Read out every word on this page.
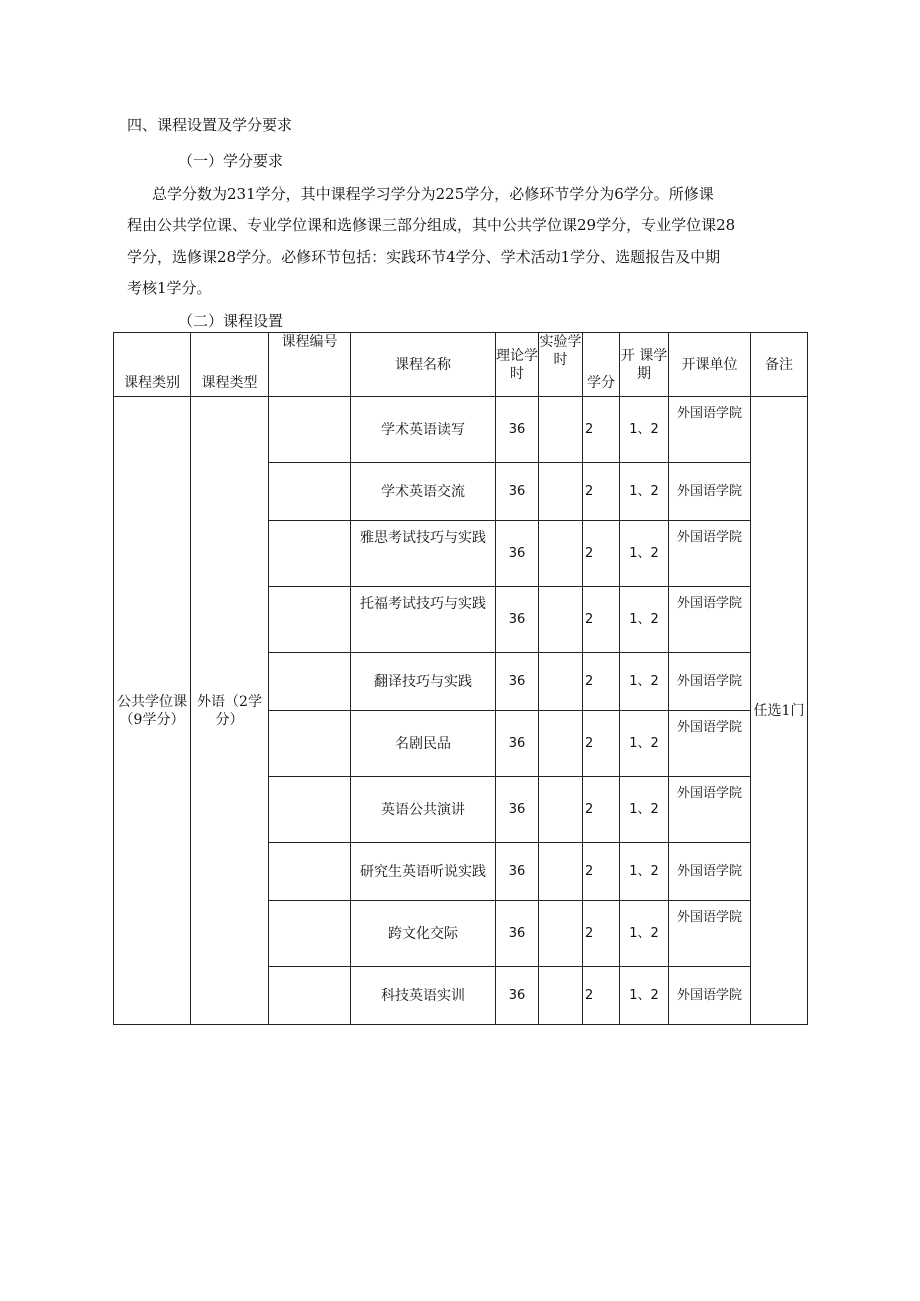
四、课程设置及学分要求
（一）学分要求
总学分数为231学分，其中课程学习学分为225学分，必修环节学分为6学分。所修课
程由公共学位课、专业学位课和选修课三部分组成，其中公共学位课29学分，专业学位课28
学分，选修课28学分。必修环节包括：实践环节4学分、学术活动1学分、选题报告及中期
考核1学分。
（二）课程设置
课程类别	课程类型	课程编号	课程名称	理论学时	实验学时	学分	开 课学期	开课单位	备注
公共学位课（9学分）	外语（2学分）		学术英语读写	36		2	1、2	外国语学院	任选1门
			学术英语交流	36		2	1、2	外国语学院	
			雅思考试技巧与实践	36		2	1、2	外国语学院	
			托福考试技巧与实践	36		2	1、2	外国语学院	
			翻译技巧与实践	36		2	1、2	外国语学院	
			名剧民品	36		2	1、2	外国语学院	
			英语公共演讲	36		2	1、2	外国语学院	
			研究生英语听说实践	36		2	1、2	外国语学院	
			跨文化交际	36		2	1、2	外国语学院	
			科技英语实训	36		2	1、2	外国语学院	
